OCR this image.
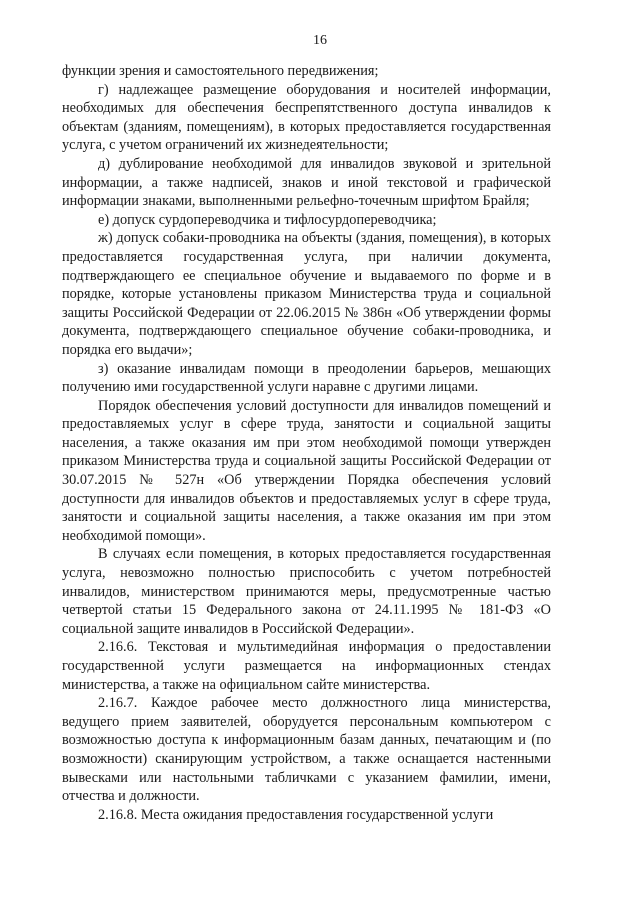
16

функции зрения и самостоятельного передвижения;

г) надлежащее размещение оборудования и носителей информации, необходимых для обеспечения беспрепятственного доступа инвалидов к объектам (зданиям, помещениям), в которых предоставляется государственная услуга, с учетом ограничений их жизнедеятельности;

д) дублирование необходимой для инвалидов звуковой и зрительной информации, а также надписей, знаков и иной текстовой и графической информации знаками, выполненными рельефно-точечным шрифтом Брайля;

е) допуск сурдопереводчика и тифлосурдопереводчика;

ж) допуск собаки-проводника на объекты (здания, помещения), в которых предоставляется государственная услуга, при наличии документа, подтверждающего ее специальное обучение и выдаваемого по форме и в порядке, которые установлены приказом Министерства труда и социальной защиты Российской Федерации от 22.06.2015 № 386н «Об утверждении формы документа, подтверждающего специальное обучение собаки-проводника, и порядка его выдачи»;

з) оказание инвалидам помощи в преодолении барьеров, мешающих получению ими государственной услуги наравне с другими лицами.

Порядок обеспечения условий доступности для инвалидов помещений и предоставляемых услуг в сфере труда, занятости и социальной защиты населения, а также оказания им при этом необходимой помощи утвержден приказом Министерства труда и социальной защиты Российской Федерации от 30.07.2015 № 527н «Об утверждении Порядка обеспечения условий доступности для инвалидов объектов и предоставляемых услуг в сфере труда, занятости и социальной защиты населения, а также оказания им при этом необходимой помощи».

В случаях если помещения, в которых предоставляется государственная услуга, невозможно полностью приспособить с учетом потребностей инвалидов, министерством принимаются меры, предусмотренные частью четвертой статьи 15 Федерального закона от 24.11.1995 № 181-ФЗ «О социальной защите инвалидов в Российской Федерации».

2.16.6. Текстовая и мультимедийная информация о предоставлении государственной услуги размещается на информационных стендах министерства, а также на официальном сайте министерства.

2.16.7. Каждое рабочее место должностного лица министерства, ведущего прием заявителей, оборудуется персональным компьютером с возможностью доступа к информационным базам данных, печатающим и (по возможности) сканирующим устройством, а также оснащается настенными вывесками или настольными табличками с указанием фамилии, имени, отчества и должности.

2.16.8. Места ожидания предоставления государственной услуги
